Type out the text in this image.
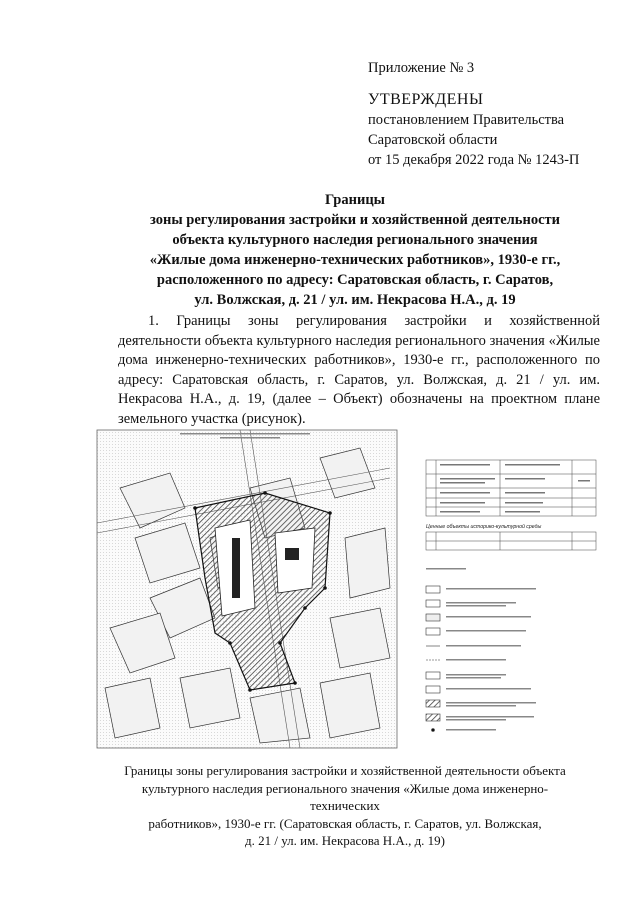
Приложение № 3
УТВЕРЖДЕНЫ
постановлением Правительства
Саратовской области
от 15 декабря 2022 года № 1243-П
Границы
зоны регулирования застройки и хозяйственной деятельности
объекта культурного наследия регионального значения
«Жилые дома инженерно-технических работников», 1930-е гг.,
расположенного по адресу: Саратовская область, г. Саратов,
ул. Волжская, д. 21 / ул. им. Некрасова Н.А., д. 19
1. Границы зоны регулирования застройки и хозяйственной деятельности объекта культурного наследия регионального значения «Жилые дома инженерно-технических работников», 1930-е гг., расположенного по адресу: Саратовская область, г. Саратов, ул. Волжская, д. 21 / ул. им. Некрасова Н.А., д. 19, (далее – Объект) обозначены на проектном плане земельного участка (рисунок).
Ценные объекты историко-культурной среды
Границы зоны регулирования застройки и хозяйственной деятельности объекта
культурного наследия регионального значения «Жилые дома инженерно-технических
работников», 1930-е гг. (Саратовская область, г. Саратов, ул. Волжская,
д. 21 / ул. им. Некрасова Н.А., д. 19)
